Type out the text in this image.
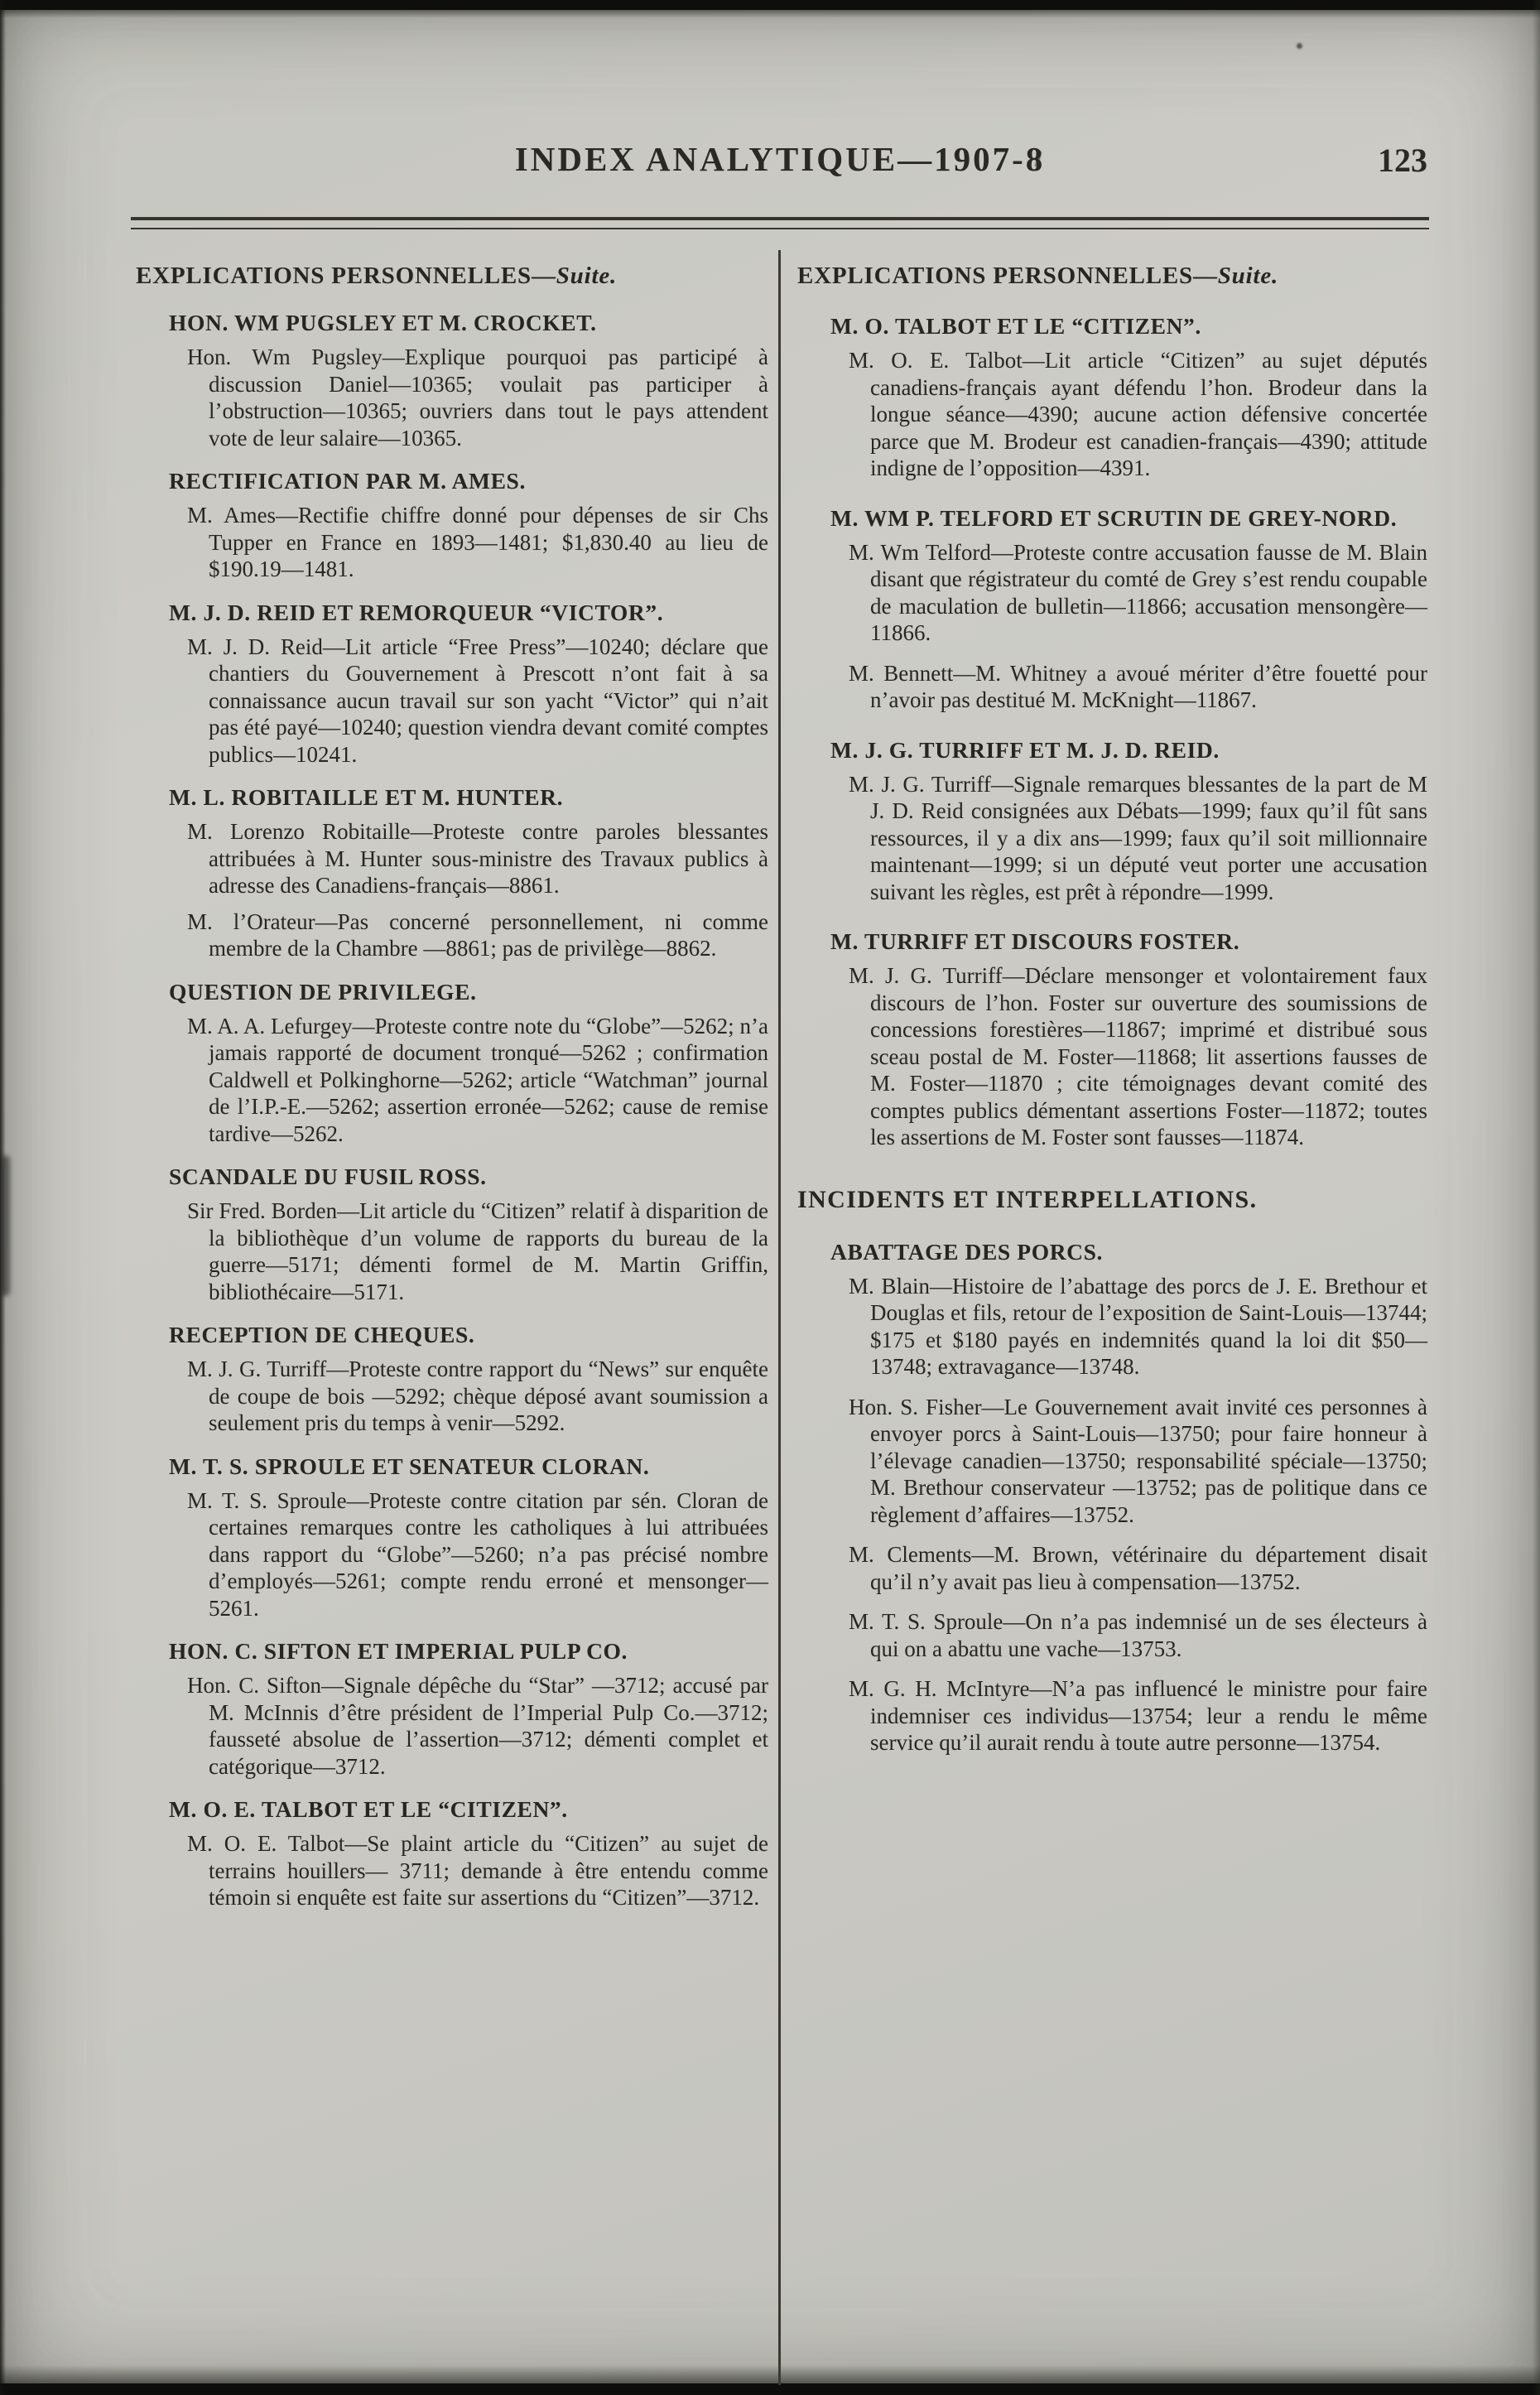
INDEX ANALYTIQUE—1907-8	123
EXPLICATIONS PERSONNELLES—Suite.
HON. WM PUGSLEY ET M. CROCKET.

Hon. Wm Pugsley—Explique pourquoi pas participé à discussion Daniel—10365; voulait pas participer à l’obstruction—10365; ouvriers dans tout le pays attendent vote de leur salaire—10365.

RECTIFICATION PAR M. AMES.

M. Ames—Rectifie chiffre donné pour dépenses de sir Chs Tupper en France en 1893—1481; $1,830.40 au lieu de $190.19—1481.

M. J. D. REID ET REMORQUEUR “VICTOR”.

M. J. D. Reid—Lit article “Free Press”—10240; déclare que chantiers du Gouvernement à Prescott n’ont fait à sa connaissance aucun travail sur son yacht “Victor” qui n’ait pas été payé—10240; question viendra devant comité comptes publics—10241.

M. L. ROBITAILLE ET M. HUNTER.

M. Lorenzo Robitaille—Proteste contre paroles blessantes attribuées à M. Hunter sous-ministre des Travaux publics à adresse des Canadiens-français—8861.

M. l’Orateur—Pas concerné personnellement, ni comme membre de la Chambre —8861; pas de privilège—8862.

QUESTION DE PRIVILEGE.

M. A. A. Lefurgey—Proteste contre note du “Globe”—5262; n’a jamais rapporté de document tronqué—5262 ; confirmation Caldwell et Polkinghorne—5262; article “Watchman” journal de l’I.P.-E.—5262; assertion erronée—5262; cause de remise tardive—5262.

SCANDALE DU FUSIL ROSS.

Sir Fred. Borden—Lit article du “Citizen” relatif à disparition de la bibliothèque d’un volume de rapports du bureau de la guerre—5171; démenti formel de M. Martin Griffin, bibliothécaire—5171.

RECEPTION DE CHEQUES.

M. J. G. Turriff—Proteste contre rapport du “News” sur enquête de coupe de bois —5292; chèque déposé avant soumission a seulement pris du temps à venir—5292.

M. T. S. SPROULE ET SENATEUR CLORAN.

M. T. S. Sproule—Proteste contre citation par sén. Cloran de certaines remarques contre les catholiques à lui attribuées dans rapport du “Globe”—5260; n’a pas précisé nombre d’employés—5261; compte rendu erroné et mensonger—5261.

HON. C. SIFTON ET IMPERIAL PULP CO.

Hon. C. Sifton—Signale dépêche du “Star” —3712; accusé par M. McInnis d’être président de l’Imperial Pulp Co.—3712; fausseté absolue de l’assertion—3712; démenti complet et catégorique—3712.

M. O. E. TALBOT ET LE “CITIZEN”.

M. O. E. Talbot—Se plaint article du “Citizen” au sujet de terrains houillers— 3711; demande à être entendu comme témoin si enquête est faite sur assertions du “Citizen”—3712.

EXPLICATIONS PERSONNELLES—Suite.
M. O. TALBOT ET LE “CITIZEN”.

M. O. E. Talbot—Lit article “Citizen” au sujet députés canadiens-français ayant défendu l’hon. Brodeur dans la longue séance—4390; aucune action défensive concertée parce que M. Brodeur est canadien-français—4390; attitude indigne de l’opposition—4391.

M. WM P. TELFORD ET SCRUTIN DE GREY-NORD.

M. Wm Telford—Proteste contre accusation fausse de M. Blain disant que régistrateur du comté de Grey s’est rendu coupable de maculation de bulletin—11866; accusation mensongère—11866.

M. Bennett—M. Whitney a avoué mériter d’être fouetté pour n’avoir pas destitué M. McKnight—11867.

M. J. G. TURRIFF ET M. J. D. REID.

M. J. G. Turriff—Signale remarques blessantes de la part de M J. D. Reid consignées aux Débats—1999; faux qu’il fût sans ressources, il y a dix ans—1999; faux qu’il soit millionnaire maintenant—1999; si un député veut porter une accusation suivant les règles, est prêt à répondre—1999.

M. TURRIFF ET DISCOURS FOSTER.

M. J. G. Turriff—Déclare mensonger et volontairement faux discours de l’hon. Foster sur ouverture des soumissions de concessions forestières—11867; imprimé et distribué sous sceau postal de M. Foster—11868; lit assertions fausses de M. Foster—11870 ; cite témoignages devant comité des comptes publics démentant assertions Foster—11872; toutes les assertions de M. Foster sont fausses—11874.

INCIDENTS ET INTERPELLATIONS.
ABATTAGE DES PORCS.

M. Blain—Histoire de l’abattage des porcs de J. E. Brethour et Douglas et fils, retour de l’exposition de Saint-Louis—13744; $175 et $180 payés en indemnités quand la loi dit $50—13748; extravagance—13748.

Hon. S. Fisher—Le Gouvernement avait invité ces personnes à envoyer porcs à Saint-Louis—13750; pour faire honneur à l’élevage canadien—13750; responsabilité spéciale—13750; M. Brethour conservateur —13752; pas de politique dans ce règlement d’affaires—13752.

M. Clements—M. Brown, vétérinaire du département disait qu’il n’y avait pas lieu à compensation—13752.

M. T. S. Sproule—On n’a pas indemnisé un de ses électeurs à qui on a abattu une vache—13753.

M. G. H. McIntyre—N’a pas influencé le ministre pour faire indemniser ces individus—13754; leur a rendu le même service qu’il aurait rendu à toute autre personne—13754.
